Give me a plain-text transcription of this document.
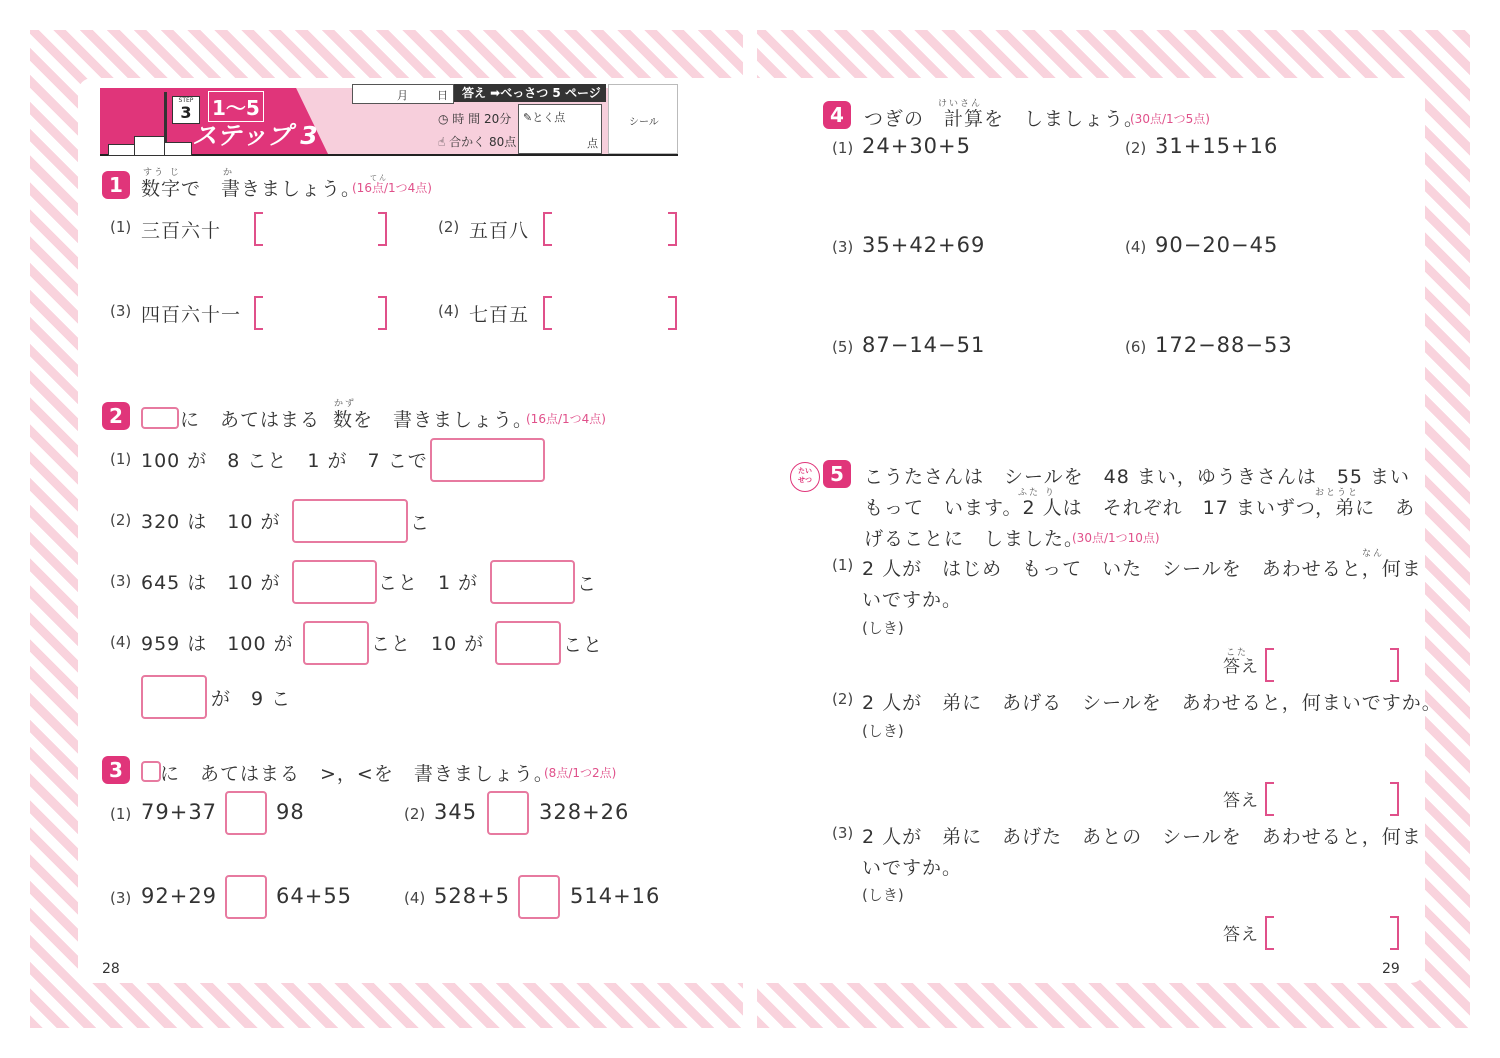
STEP
3	1〜5
ステップ 3
月	日	答え ➡べっさつ 5 ページ
◷ 時 間 20分
☝ 合かく 80点
✎とく点
点
シール
1	すう じ	か
数字で　書きましょう。 てん
(16点/1つ4点)
(1) 三百六十	(2) 五百八
(3) 四百六十一	(4) 七百五
2	に　あてはまる　
かず
数を　書きましょう。
(16点/1つ4点)
(1) 100 が　8 こと　1 が　7 こで
(2) 320 は　10 が	こ
(3) 645 は　10 が	こと　1 が	こ
(4) 959 は　100 が	こと　10 が	こと
が　9 こ
3	に　あてはまる　>，<を　書きましょう。
(8点/1つ2点)
(1) 79+37	98	(2) 345	328+26
(3) 92+29	64+55	(4) 528+5	514+16
28
4	けいさん
つぎの　計算を　しましょう。
(30点/1つ5点)
(1) 24+30+5	(2) 31+15+16
(3) 35+42+69	(4) 90−20−45
(5) 87−14−51	(6) 172−88−53
たいせつ 5	こうたさんは　シールを　48 まい，ゆうきさんは　55 まい
ふた り	おとうと
もって　います。2 人は　それぞれ　17 まいずつ，弟に　あ
げることに　しました。
(30点/1つ10点)
(1)
なん
2 人が　はじめ　もって　いた　シールを　あわせると，何ま
いですか。
(しき)
こた
答え
(2) 2 人が　弟に　あげる　シールを　あわせると，何まいですか。
(しき)
答え
(3) 2 人が　弟に　あげた　あとの　シールを　あわせると，何ま
いですか。
(しき)
答え
29
